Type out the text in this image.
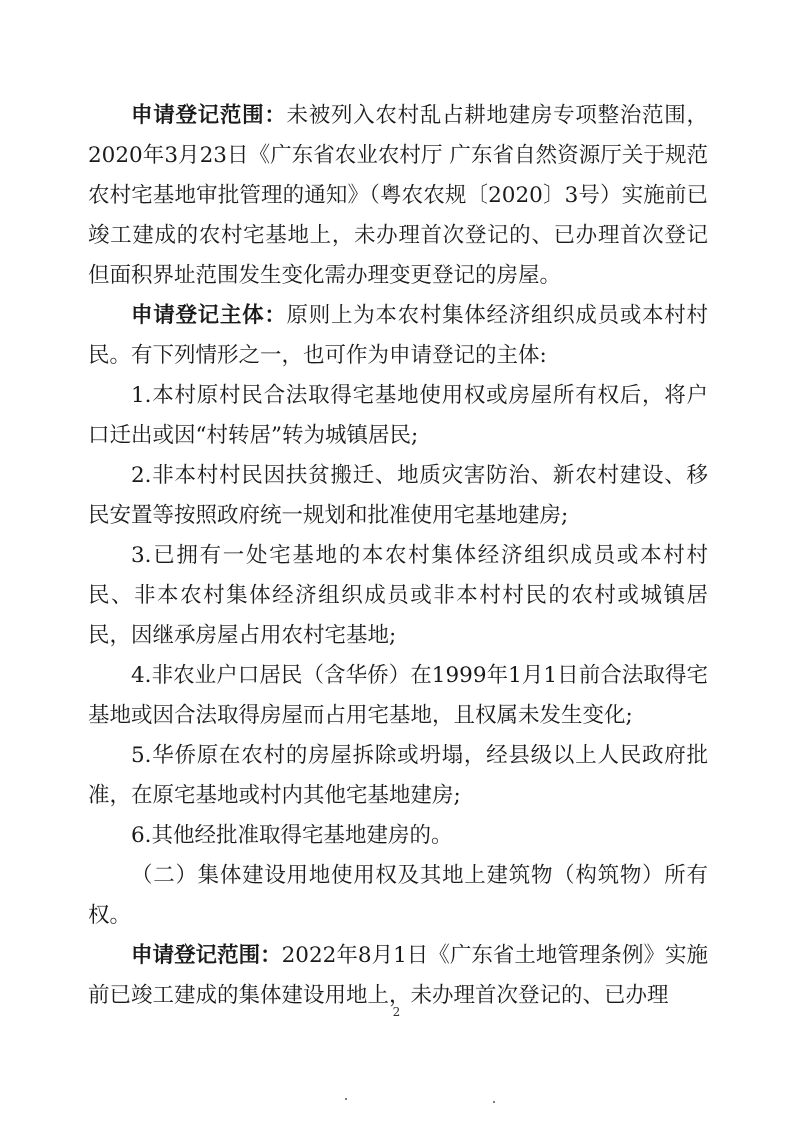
申请登记范围：未被列入农村乱占耕地建房专项整治范围，2020年3月23日《广东省农业农村厅 广东省自然资源厅关于规范农村宅基地审批管理的通知》（粤农农规〔2020〕3号）实施前已竣工建成的农村宅基地上，未办理首次登记的、已办理首次登记但面积界址范围发生变化需办理变更登记的房屋。

申请登记主体：原则上为本农村集体经济组织成员或本村村民。有下列情形之一，也可作为申请登记的主体:

1.本村原村民合法取得宅基地使用权或房屋所有权后，将户口迁出或因“村转居”转为城镇居民;

2.非本村村民因扶贫搬迁、地质灾害防治、新农村建设、移民安置等按照政府统一规划和批准使用宅基地建房;

3.已拥有一处宅基地的本农村集体经济组织成员或本村村民、非本农村集体经济组织成员或非本村村民的农村或城镇居民，因继承房屋占用农村宅基地;

4.非农业户口居民（含华侨）在1999年1月1日前合法取得宅基地或因合法取得房屋而占用宅基地，且权属未发生变化;

5.华侨原在农村的房屋拆除或坍塌，经县级以上人民政府批准，在原宅基地或村内其他宅基地建房;

6.其他经批准取得宅基地建房的。

（二）集体建设用地使用权及其地上建筑物（构筑物）所有权。

申请登记范围：2022年8月1日《广东省土地管理条例》实施前已竣工建成的集体建设用地上，未办理首次登记的、已办理

2
